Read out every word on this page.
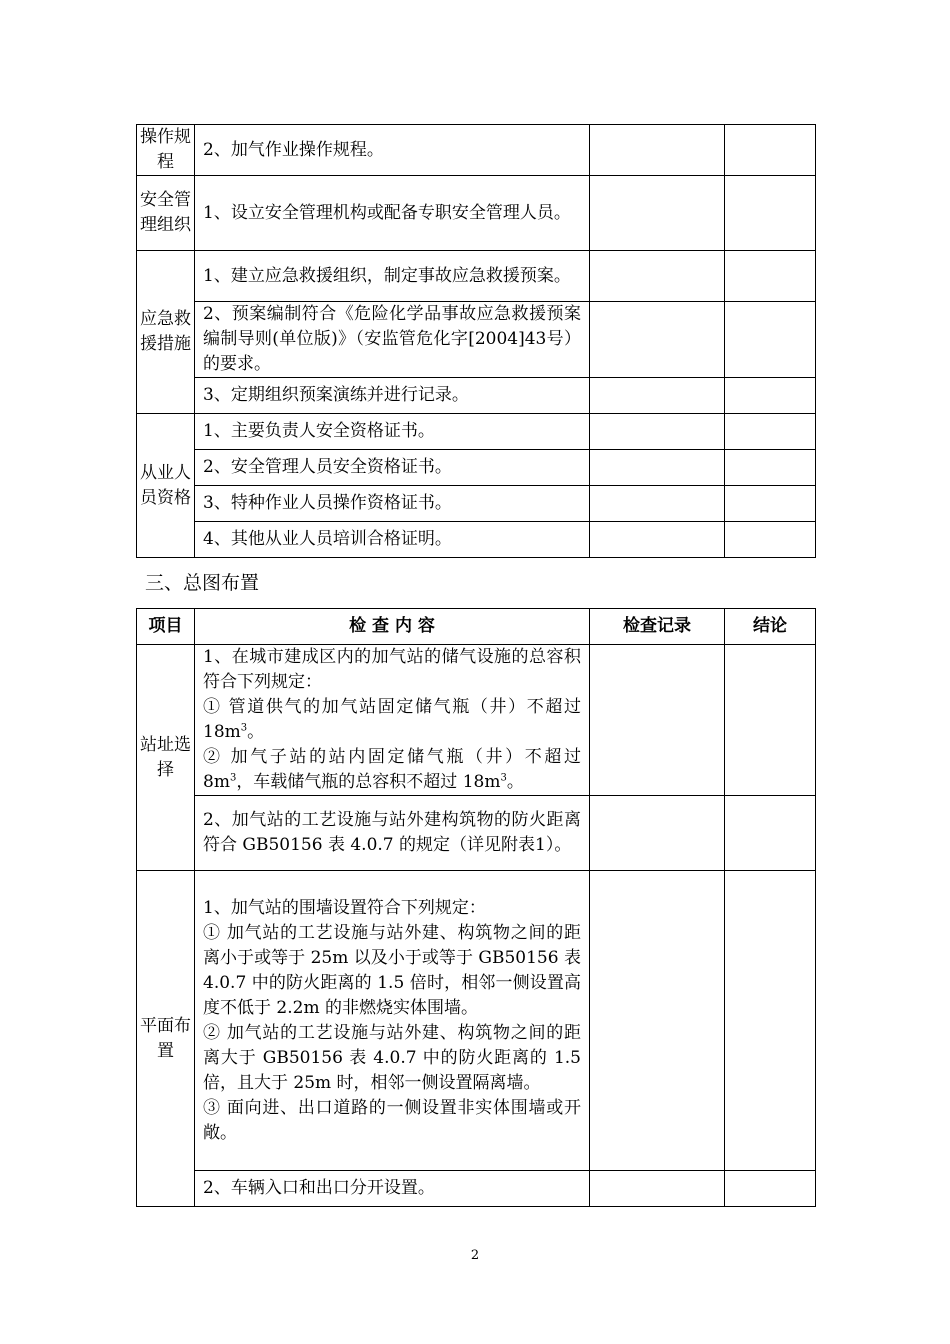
操作规程	2、加气作业操作规程。		
安全管理组织	1、设立安全管理机构或配备专职安全管理人员。		
应急救援措施	1、建立应急救援组织，制定事故应急救援预案。		
	2、预案编制符合《危险化学品事故应急救援预案编制导则(单位版)》（安监管危化字[2004]43号）的要求。		
	3、定期组织预案演练并进行记录。		
从业人员资格	1、主要负责人安全资格证书。		
	2、安全管理人员安全资格证书。		
	3、特种作业人员操作资格证书。		
	4、其他从业人员培训合格证明。		
三、总图布置
项目	检 查 内 容	检查记录	结论
站址选择	1、在城市建成区内的加气站的储气设施的总容积符合下列规定：
① 管道供气的加气站固定储气瓶（井）不超过 $18m^3$。
② 加气子站的站内固定储气瓶（井）不超过 $8m^3$，车载储气瓶的总容积不超过 $18m^3$。		

	2、加气站的工艺设施与站外建构筑物的防火距离符合 GB50156 表 4.0.7 的规定（详见附表1）。		
平面布置	1、加气站的围墙设置符合下列规定：
① 加气站的工艺设施与站外建、构筑物之间的距离小于或等于 25m 以及小于或等于 GB50156 表 4.0.7 中的防火距离的 1.5 倍时，相邻一侧设置高度不低于 2.2m 的非燃烧实体围墙。
② 加气站的工艺设施与站外建、构筑物之间的距离大于 GB50156 表 4.0.7 中的防火距离的 1.5 倍，且大于 25m 时，相邻一侧设置隔离墙。
③ 面向进、出口道路的一侧设置非实体围墙或开敞。		

	2、车辆入口和出口分开设置。		
2
